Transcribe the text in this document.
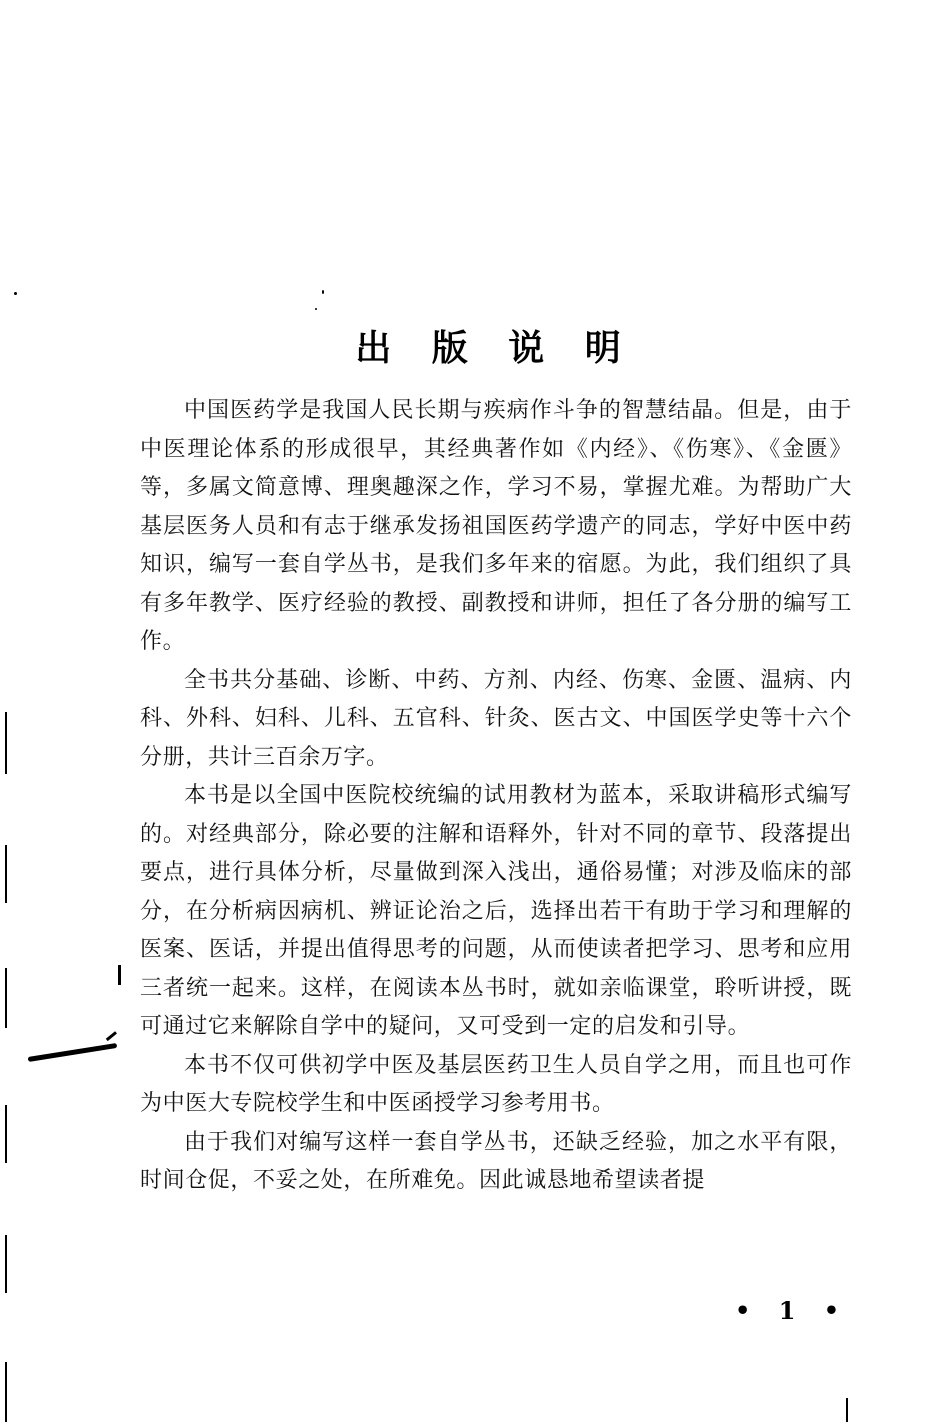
出 版 说 明

中国医药学是我国人民长期与疾病作斗争的智慧结晶。但是，由于中医理论体系的形成很早，其经典著作如《内经》、《伤寒》、《金匮》等，多属文简意博、理奥趣深之作，学习不易，掌握尤难。为帮助广大基层医务人员和有志于继承发扬祖国医药学遗产的同志，学好中医中药知识，编写一套自学丛书，是我们多年来的宿愿。为此，我们组织了具有多年教学、医疗经验的教授、副教授和讲师，担任了各分册的编写工作。

全书共分基础、诊断、中药、方剂、内经、伤寒、金匮、温病、内科、外科、妇科、儿科、五官科、针灸、医古文、中国医学史等十六个分册，共计三百余万字。

本书是以全国中医院校统编的试用教材为蓝本，采取讲稿形式编写的。对经典部分，除必要的注解和语释外，针对不同的章节、段落提出要点，进行具体分析，尽量做到深入浅出，通俗易懂；对涉及临床的部分，在分析病因病机、辨证论治之后，选择出若干有助于学习和理解的医案、医话，并提出值得思考的问题，从而使读者把学习、思考和应用三者统一起来。这样，在阅读本丛书时，就如亲临课堂，聆听讲授，既可通过它来解除自学中的疑问，又可受到一定的启发和引导。

本书不仅可供初学中医及基层医药卫生人员自学之用，而且也可作为中医大专院校学生和中医函授学习参考用书。

由于我们对编写这样一套自学丛书，还缺乏经验，加之水平有限，时间仓促，不妥之处，在所难免。因此诚恳地希望读者提

• 1 •
